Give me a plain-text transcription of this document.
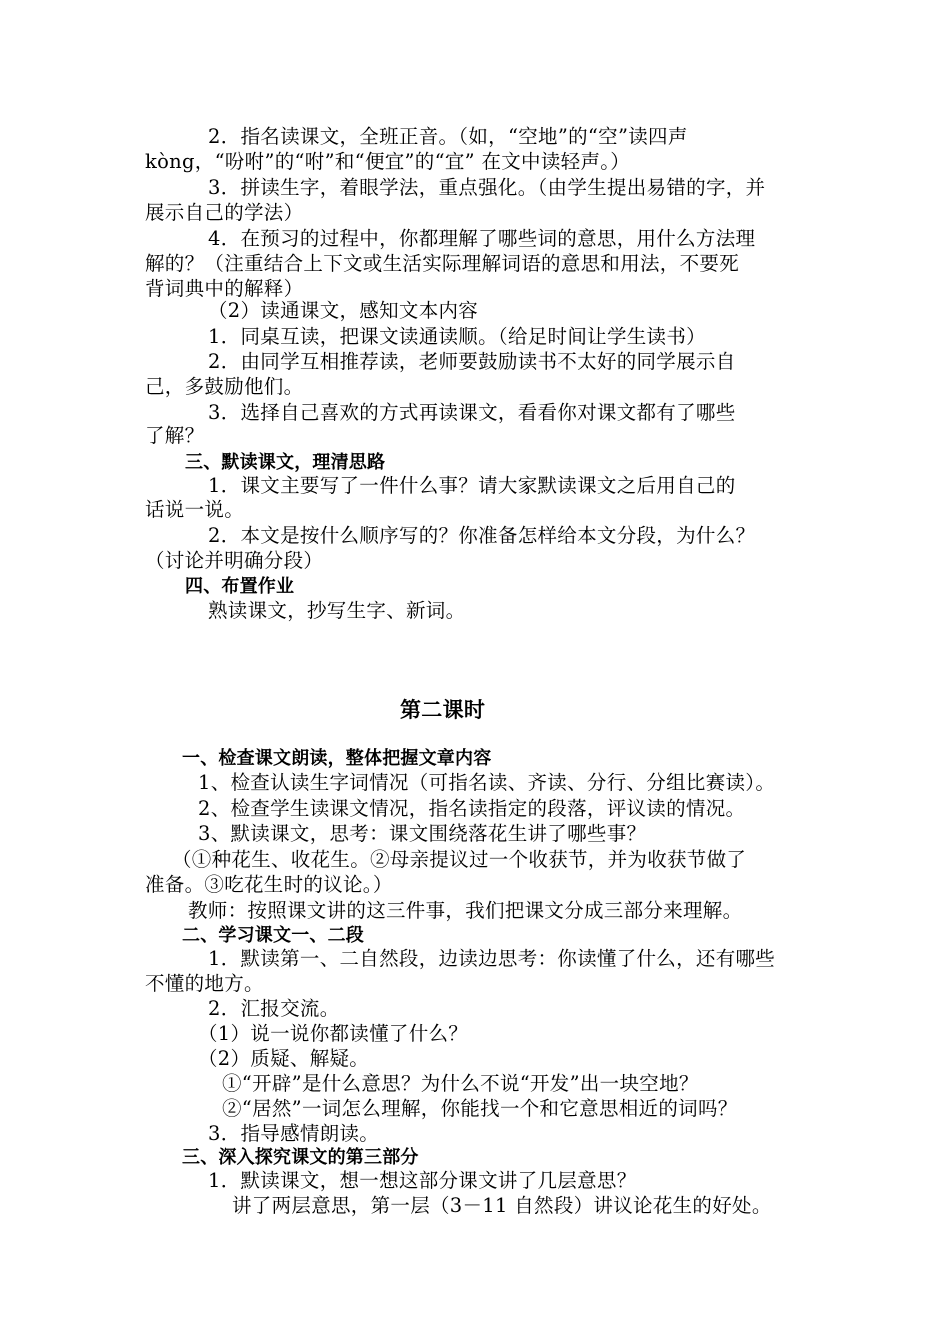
2．指名读课文，全班正音。（如，“空地”的“空”读四声
kòng，“吩咐”的“咐”和“便宜”的“宜” 在文中读轻声。）
3．拼读生字，着眼学法，重点强化。（由学生提出易错的字，并
展示自己的学法）
4．在预习的过程中，你都理解了哪些词的意思，用什么方法理
解的？（注重结合上下文或生活实际理解词语的意思和用法，不要死
背词典中的解释）
（2）读通课文，感知文本内容
1．同桌互读，把课文读通读顺。（给足时间让学生读书）
2．由同学互相推荐读，老师要鼓励读书不太好的同学展示自
己，多鼓励他们。
3．选择自己喜欢的方式再读课文，看看你对课文都有了哪些
了解？
三、默读课文，理清思路
1．课文主要写了一件什么事？请大家默读课文之后用自己的
话说一说。
2．本文是按什么顺序写的？你准备怎样给本文分段，为什么？
（讨论并明确分段）
四、布置作业
熟读课文，抄写生字、新词。
第二课时
一、检查课文朗读，整体把握文章内容
1、检查认读生字词情况（可指名读、齐读、分行、分组比赛读）。
2、检查学生读课文情况，指名读指定的段落，评议读的情况。
3、默读课文，思考：课文围绕落花生讲了哪些事？
（①种花生、收花生。②母亲提议过一个收获节，并为收获节做了
准备。③吃花生时的议论。）
教师：按照课文讲的这三件事，我们把课文分成三部分来理解。
二、学习课文一、二段
1．默读第一、二自然段，边读边思考：你读懂了什么，还有哪些
不懂的地方。
2．汇报交流。
（1）说一说你都读懂了什么？
（2）质疑、解疑。
①“开辟”是什么意思？为什么不说“开发”出一块空地？
②“居然”一词怎么理解，你能找一个和它意思相近的词吗？
3．指导感情朗读。
三、深入探究课文的第三部分
1．默读课文，想一想这部分课文讲了几层意思？
讲了两层意思，第一层（3－11 自然段）讲议论花生的好处。
